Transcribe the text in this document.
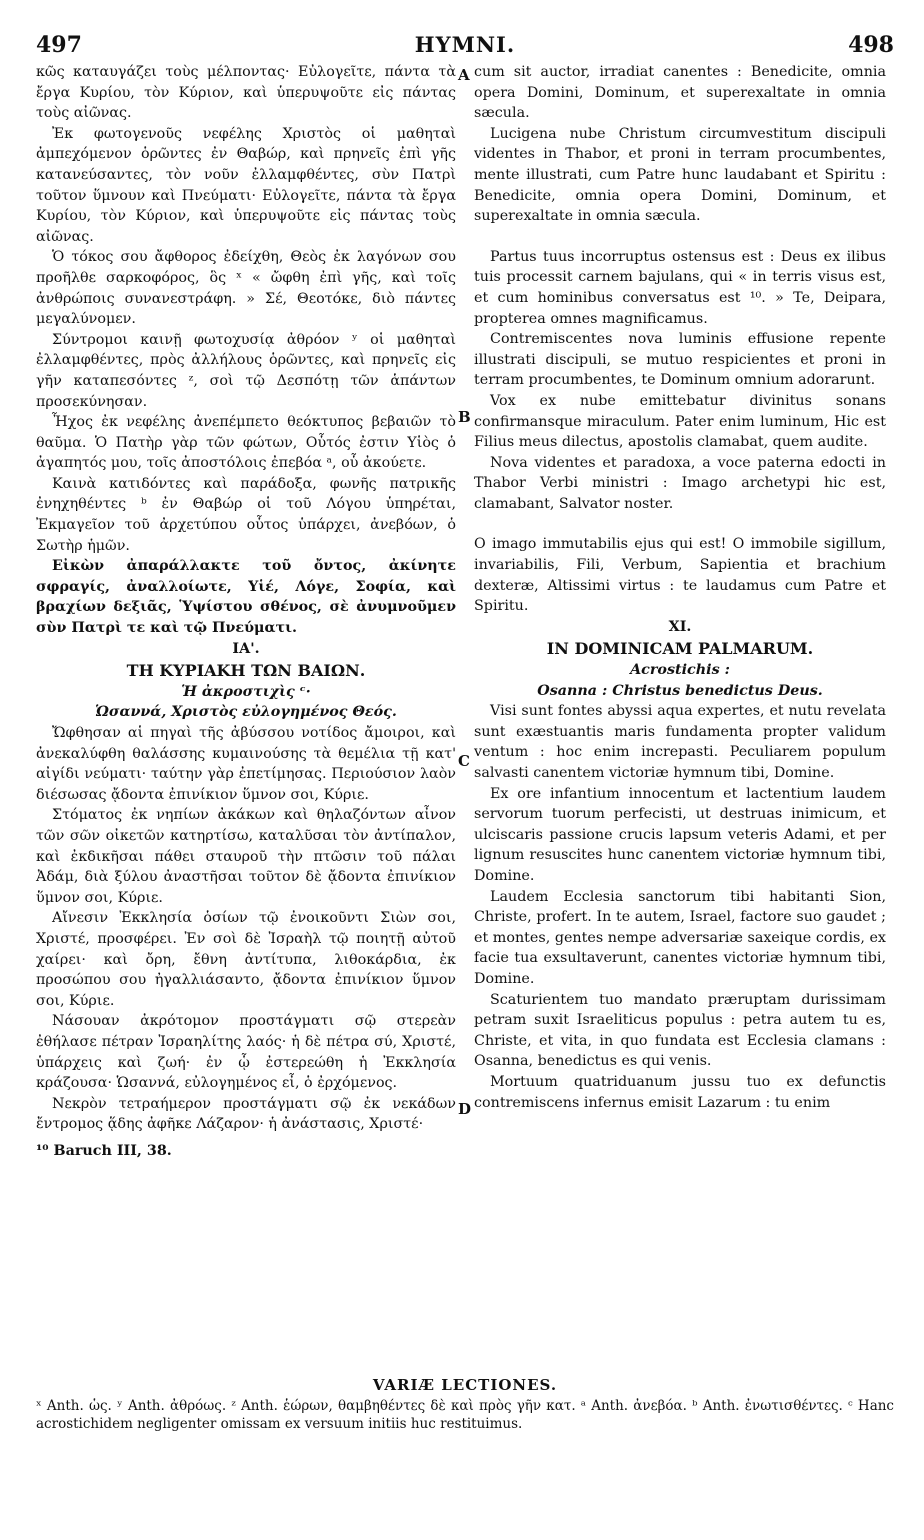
497	HYMNI.	498
A
B
C
D

κῶς καταυγάζει τοὺς μέλποντας· Εὐλογεῖτε, πάντα τὰ ἔργα Κυρίου, τὸν Κύριον, καὶ ὑπερυψοῦτε εἰς πάντας τοὺς αἰῶνας.

Ἐκ φωτογενοῦς νεφέλης Χριστὸς οἱ μαθηταὶ ἀμπεχόμενον ὁρῶντες ἐν Θαβώρ, καὶ πρηνεῖς ἐπὶ γῆς κατανεύσαντες, τὸν νοῦν ἐλλαμφθέντες, σὺν Πατρὶ τοῦτον ὕμνουν καὶ Πνεύματι· Εὐλογεῖτε, πάντα τὰ ἔργα Κυρίου, τὸν Κύριον, καὶ ὑπερυψοῦτε εἰς πάντας τοὺς αἰῶνας.

Ὁ τόκος σου ἄφθορος ἐδείχθη, Θεὸς ἐκ λαγόνων σου προῆλθε σαρκοφόρος, ὃς ˣ « ὤφθη ἐπὶ γῆς, καὶ τοῖς ἀνθρώποις συνανεστράφη. » Σέ, Θεοτόκε, διὸ πάντες μεγαλύνομεν.

Σύντρομοι καινῇ φωτοχυσίᾳ ἀθρόον ʸ οἱ μαθηταὶ ἐλλαμφθέντες, πρὸς ἀλλήλους ὁρῶντες, καὶ πρηνεῖς εἰς γῆν καταπεσόντες ᶻ, σοὶ τῷ Δεσπότῃ τῶν ἁπάντων προσεκύνησαν.

Ἦχος ἐκ νεφέλης ἀνεπέμπετο θεόκτυπος βεβαιῶν τὸ θαῦμα. Ὁ Πατὴρ γὰρ τῶν φώτων, Οὗτός ἐστιν Υἱὸς ὁ ἀγαπητός μου, τοῖς ἀποστόλοις ἐπεβόα ᵃ, οὗ ἀκούετε.

Καινὰ κατιδόντες καὶ παράδοξα, φωνῆς πατρικῆς ἐνηχηθέντες ᵇ ἐν Θαβώρ οἱ τοῦ Λόγου ὑπηρέται, Ἐκμαγεῖον τοῦ ἀρχετύπου οὗτος ὑπάρχει, ἀνεβόων, ὁ Σωτὴρ ἡμῶν.

Εἰκὼν ἀπαράλλακτε τοῦ ὄντος, ἀκίνητε σφραγίς, ἀναλλοίωτε, Υἱέ, Λόγε, Σοφία, καὶ βραχίων δεξιᾶς, Ὑψίστου σθένος, σὲ ἀνυμνοῦμεν σὺν Πατρὶ τε καὶ τῷ Πνεύματι.

ΙΑ'.

ΤΗ ΚΥΡΙΑΚΗ ΤΩΝ ΒΑΙΩΝ.

Ἡ ἀκροστιχὶς ᶜ·

Ὡσαννά, Χριστὸς εὐλογημένος Θεός.

Ὤφθησαν αἱ πηγαὶ τῆς ἀβύσσου νοτίδος ἄμοιροι, καὶ ἀνεκαλύφθη θαλάσσης κυμαινούσης τὰ θεμέλια τῇ κατ' αἰγίδι νεύματι· ταύτην γὰρ ἐπετίμησας. Περιούσιον λαὸν διέσωσας ᾄδοντα ἐπινίκιον ὕμνον σοι, Κύριε.

Στόματος ἐκ νηπίων ἀκάκων καὶ θηλαζόντων αἶνον τῶν σῶν οἰκετῶν κατηρτίσω, καταλῦσαι τὸν ἀντίπαλον, καὶ ἐκδικῆσαι πάθει σταυροῦ τὴν πτῶσιν τοῦ πάλαι Ἀδάμ, διὰ ξύλου ἀναστῆσαι τοῦτον δὲ ᾄδοντα ἐπινίκιον ὕμνον σοι, Κύριε.

Αἴνεσιν Ἐκκλησία ὁσίων τῷ ἐνοικοῦντι Σιὼν σοι, Χριστέ, προσφέρει. Ἐν σοὶ δὲ Ἰσραὴλ τῷ ποιητῇ αὐτοῦ χαίρει· καὶ ὄρη, ἔθνη ἀντίτυπα, λιθοκάρδια, ἐκ προσώπου σου ἠγαλλιάσαντο, ᾄδοντα ἐπινίκιον ὕμνον σοι, Κύριε.

Νάσουαν ἀκρότομον προστάγματι σῷ στερεὰν ἐθήλασε πέτραν Ἰσραηλίτης λαός· ἡ δὲ πέτρα σύ, Χριστέ, ὑπάρχεις καὶ ζωή· ἐν ᾧ ἐστερεώθη ἡ Ἐκκλησία κράζουσα· Ὡσαννά, εὐλογημένος εἶ, ὁ ἐρχόμενος.

Νεκρὸν τετραήμερον προστάγματι σῷ ἐκ νεκάδων ἔντρομος ᾅδης ἀφῆκε Λάζαρον· ἡ ἀνάστασις, Χριστέ·

¹⁰ Baruch III, 38.

cum sit auctor, irradiat canentes : Benedicite, omnia opera Domini, Dominum, et superexaltate in omnia sæcula.

Lucigena nube Christum circumvestitum discipuli videntes in Thabor, et proni in terram procumbentes, mente illustrati, cum Patre hunc laudabant et Spiritu : Benedicite, omnia opera Domini, Dominum, et superexaltate in omnia sæcula.

Partus tuus incorruptus ostensus est : Deus ex ilibus tuis processit carnem bajulans, qui « in terris visus est, et cum hominibus conversatus est ¹⁰. » Te, Deipara, propterea omnes magnificamus.

Contremiscentes nova luminis effusione repente illustrati discipuli, se mutuo respicientes et proni in terram procumbentes, te Dominum omnium adorarunt.

Vox ex nube emittebatur divinitus sonans confirmansque miraculum. Pater enim luminum, Hic est Filius meus dilectus, apostolis clamabat, quem audite.

Nova videntes et paradoxa, a voce paterna edocti in Thabor Verbi ministri : Imago archetypi hic est, clamabant, Salvator noster.

O imago immutabilis ejus qui est! O immobile sigillum, invariabilis, Fili, Verbum, Sapientia et brachium dexteræ, Altissimi virtus : te laudamus cum Patre et Spiritu.

XI.

IN DOMINICAM PALMARUM.

Acrostichis :

Osanna : Christus benedictus Deus.

Visi sunt fontes abyssi aqua expertes, et nutu revelata sunt exæstuantis maris fundamenta propter validum ventum : hoc enim increpasti. Peculiarem populum salvasti canentem victoriæ hymnum tibi, Domine.

Ex ore infantium innocentum et lactentium laudem servorum tuorum perfecisti, ut destruas inimicum, et ulciscaris passione crucis lapsum veteris Adami, et per lignum resuscites hunc canentem victoriæ hymnum tibi, Domine.

Laudem Ecclesia sanctorum tibi habitanti Sion, Christe, profert. In te autem, Israel, factore suo gaudet ; et montes, gentes nempe adversariæ saxeique cordis, ex facie tua exsultaverunt, canentes victoriæ hymnum tibi, Domine.

Scaturientem tuo mandato præruptam durissimam petram suxit Israeliticus populus : petra autem tu es, Christe, et vita, in quo fundata est Ecclesia clamans : Osanna, benedictus es qui venis.

Mortuum quatriduanum jussu tuo ex defunctis contremiscens infernus emisit Lazarum : tu enim

VARIÆ LECTIONES.
ˣ Anth. ὡς. ʸ Anth. ἀθρόως. ᶻ Anth. ἑώρων, θαμβηθέντες δὲ καὶ πρὸς γῆν κατ. ᵃ Anth. ἀνεβόα. ᵇ Anth. ἐνωτισθέντες. ᶜ Hanc acrostichidem negligenter omissam ex versuum initiis huc restituimus.
